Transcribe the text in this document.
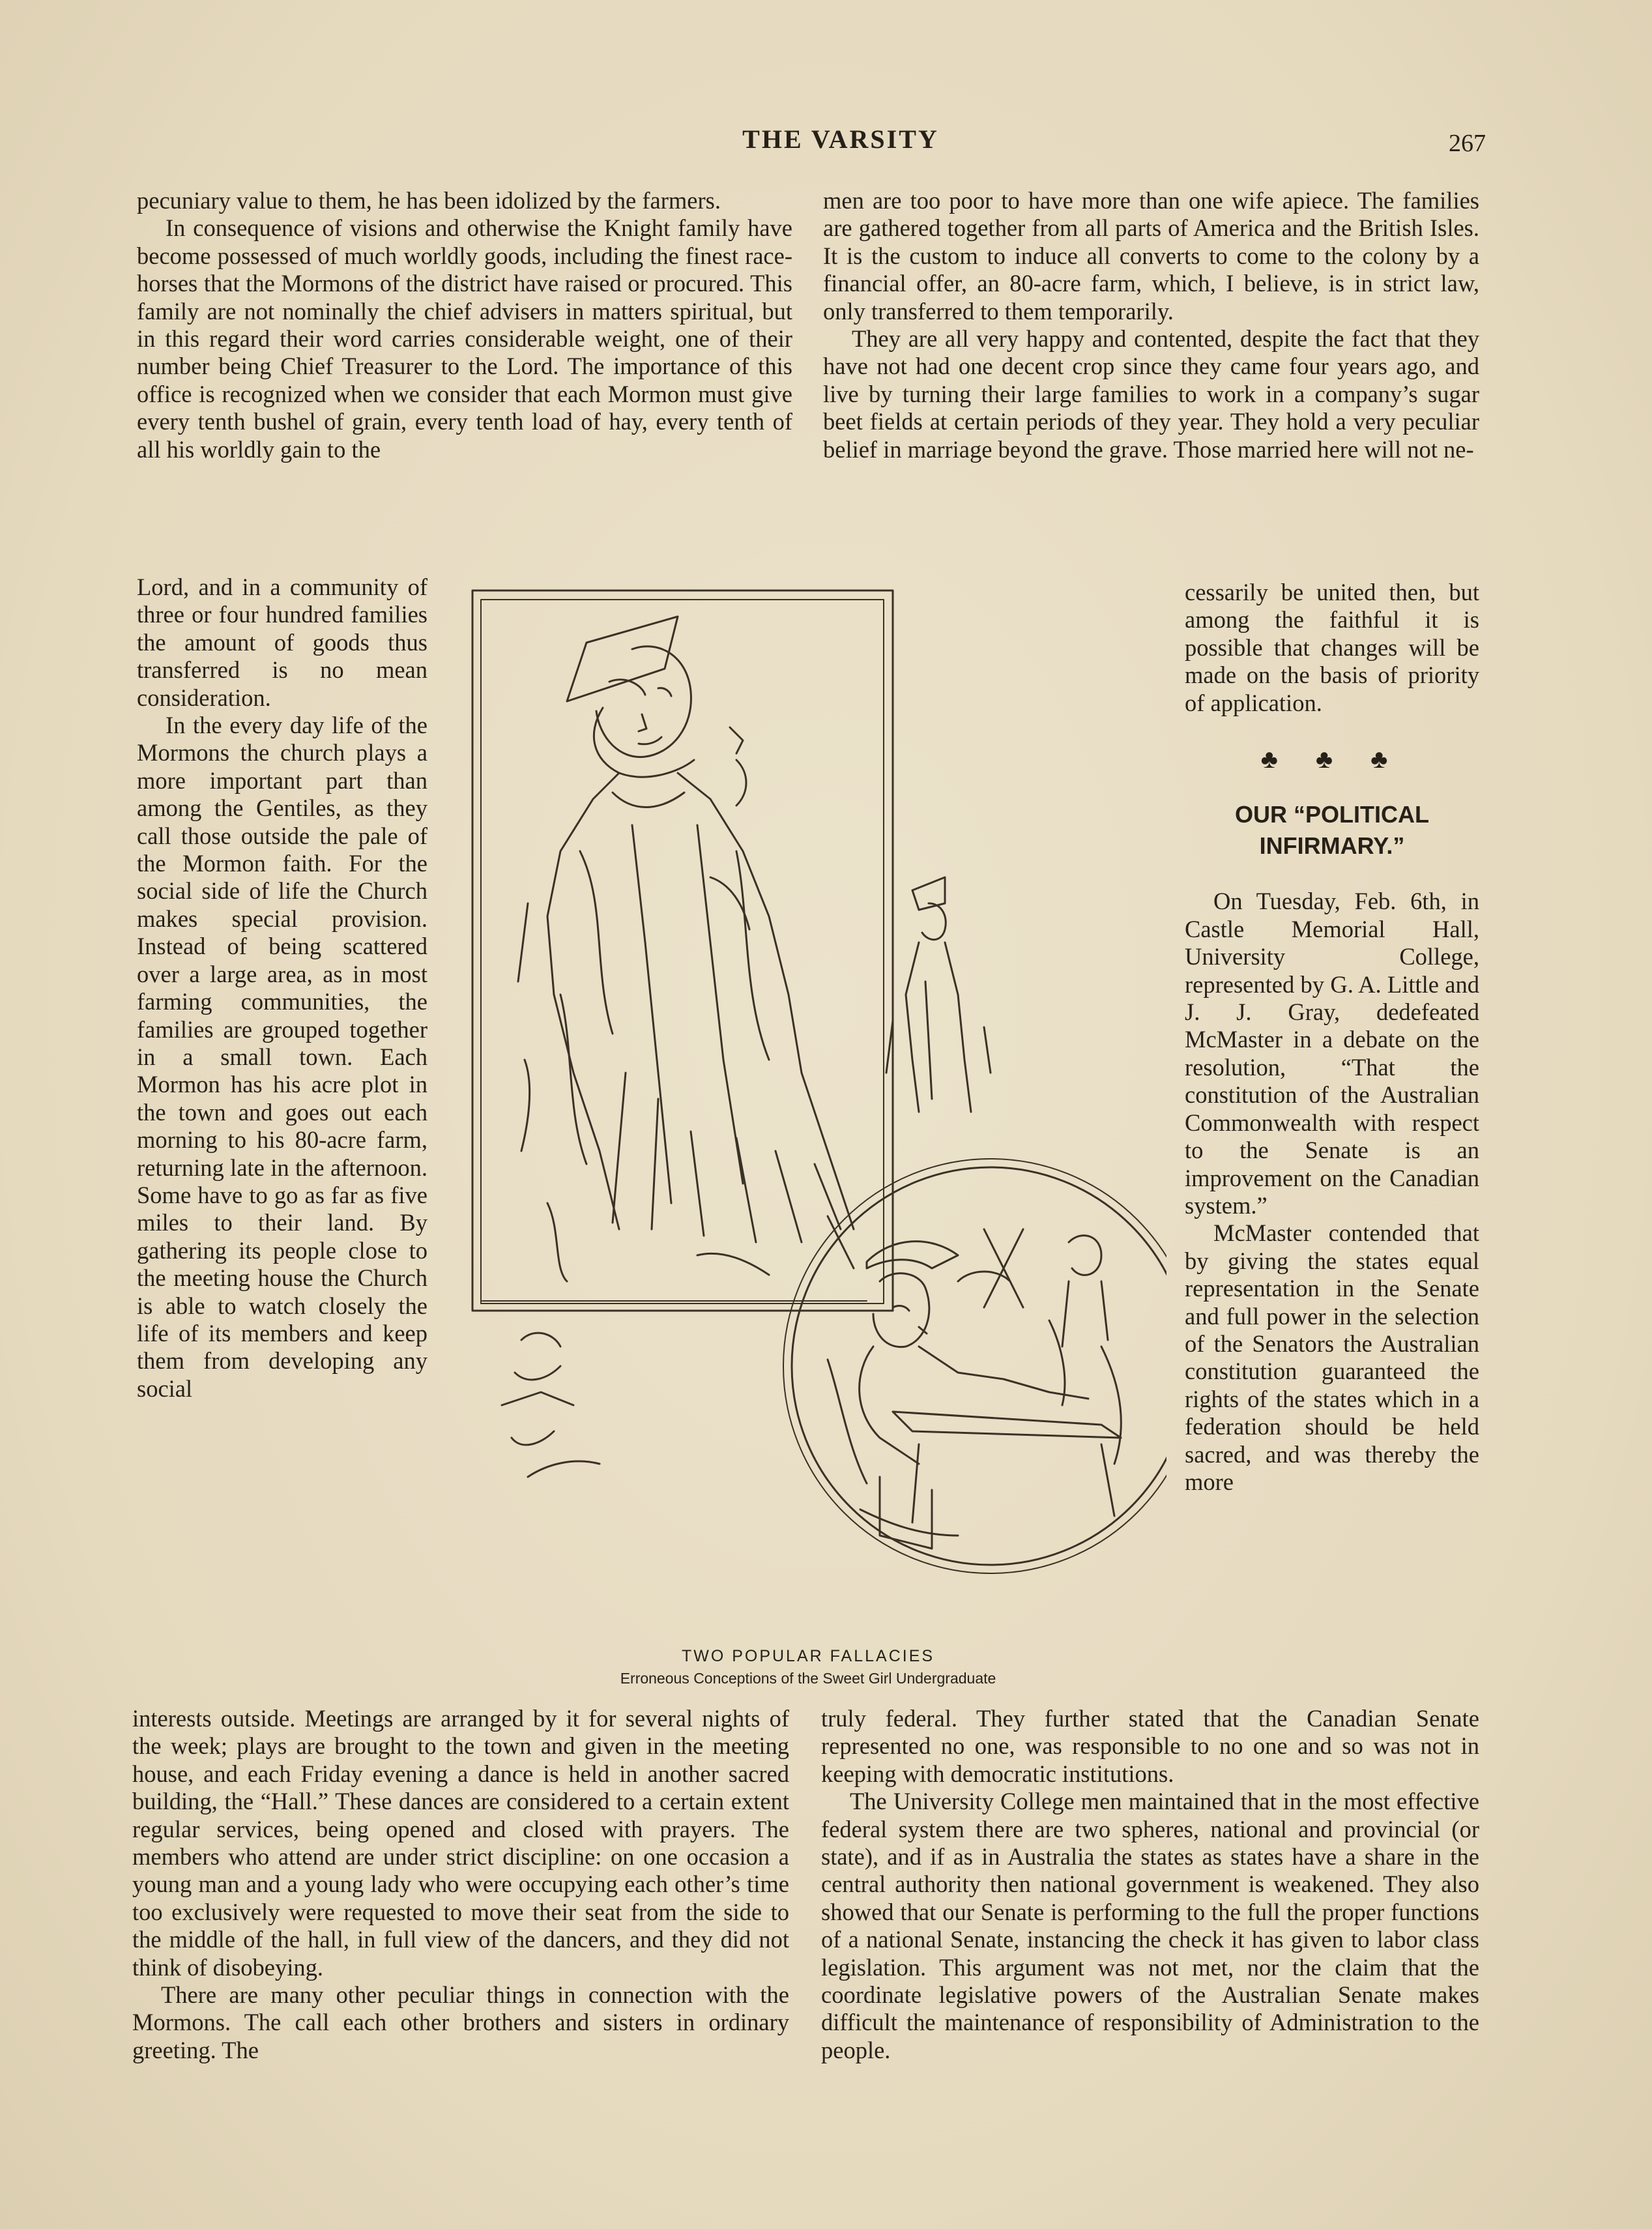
THE VARSITY	267

pecuniary value to them, he has been idolized by the farmers.

In consequence of visions and otherwise the Knight family have become possessed of much worldly goods, including the finest race-horses that the Mormons of the district have raised or procured. This family are not nominally the chief advisers in matters spiritual, but in this regard their word carries considerable weight, one of their number being Chief Treasurer to the Lord. The importance of this office is recognized when we consider that each Mormon must give every tenth bushel of grain, every tenth load of hay, every tenth of all his worldly gain to the

Lord, and in a community of three or four hundred families the amount of goods thus transferred is no mean consideration.

In the every day life of the Mormons the church plays a more important part than among the Gentiles, as they call those outside the pale of the Mormon faith. For the social side of life the Church makes special provision. Instead of being scattered over a large area, as in most farming communities, the families are grouped together in a small town. Each Mormon has his acre plot in the town and goes out each morning to his 80-acre farm, returning late in the afternoon. Some have to go as far as five miles to their land. By gathering its people close to the meeting house the Church is able to watch closely the life of its members and keep them from developing any social

interests outside. Meetings are arranged by it for several nights of the week; plays are brought to the town and given in the meeting house, and each Friday evening a dance is held in another sacred building, the “Hall.” These dances are considered to a certain extent regular services, being opened and closed with prayers. The members who attend are under strict discipline: on one occasion a young man and a young lady who were occupying each other’s time too exclusively were requested to move their seat from the side to the middle of the hall, in full view of the dancers, and they did not think of disobeying.

There are many other peculiar things in connection with the Mormons. The call each other brothers and sisters in ordinary greeting. The

men are too poor to have more than one wife apiece. The families are gathered together from all parts of America and the British Isles. It is the custom to induce all converts to come to the colony by a financial offer, an 80-acre farm, which, I believe, is in strict law, only transferred to them temporarily.

They are all very happy and contented, despite the fact that they have not had one decent crop since they came four years ago, and live by turning their large families to work in a company’s sugar beet fields at certain periods of they year. They hold a very peculiar belief in marriage beyond the grave. Those married here will not ne-

cessarily be united then, but among the faithful it is possible that changes will be made on the basis of priority of application.

♣ ♣ ♣
OUR “POLITICAL INFIRMARY.”

On Tuesday, Feb. 6th, in Castle Memorial Hall, University College, represented by G. A. Little and J. J. Gray, dedefeated McMaster in a debate on the resolution, “That the constitution of the Australian Commonwealth with respect to the Senate is an improvement on the Canadian system.”

McMaster contended that by giving the states equal representation in the Senate and full power in the selection of the Senators the Australian constitution guaranteed the rights of the states which in a federation should be held sacred, and was thereby the more

truly federal. They further stated that the Canadian Senate represented no one, was responsible to no one and so was not in keeping with democratic institutions.

The University College men maintained that in the most effective federal system there are two spheres, national and provincial (or state), and if as in Australia the states as states have a share in the central authority then national government is weakened. They also showed that our Senate is performing to the full the proper functions of a national Senate, instancing the check it has given to labor class legislation. This argument was not met, nor the claim that the coordinate legislative powers of the Australian Senate makes difficult the maintenance of responsibility of Administration to the people.

TWO POPULAR FALLACIES
Erroneous Conceptions of the Sweet Girl Undergraduate
